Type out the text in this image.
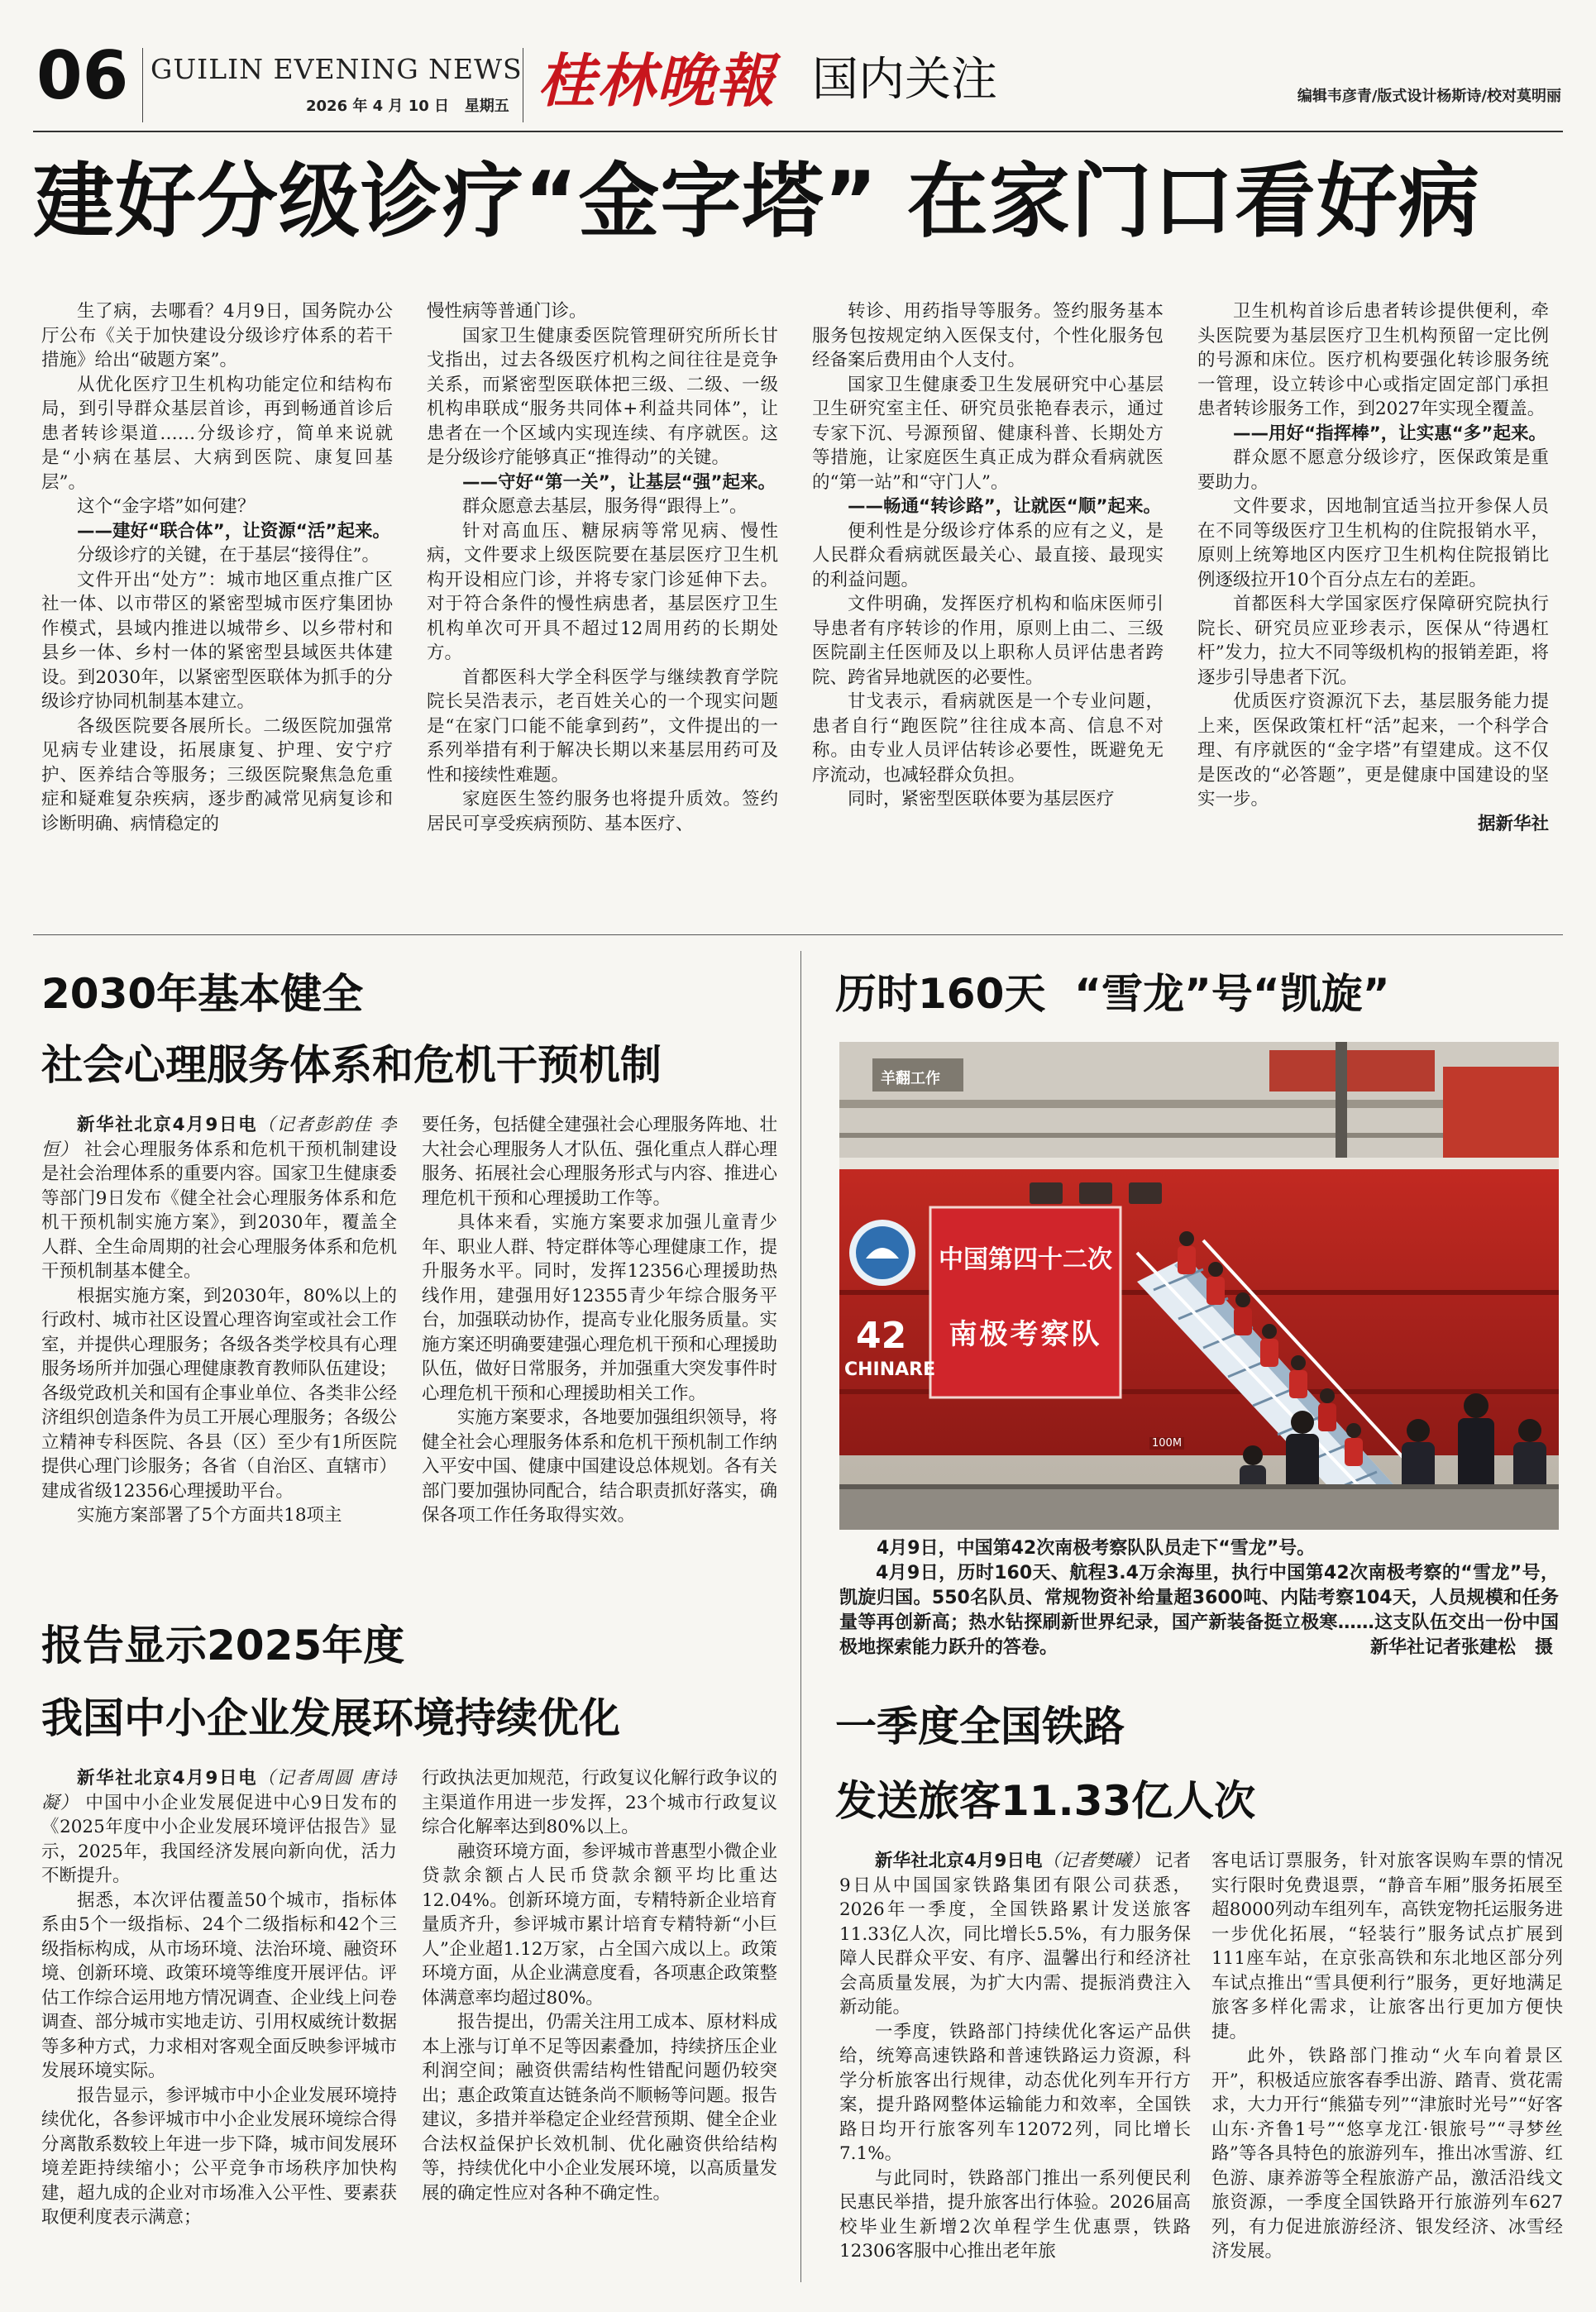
06 GUILIN EVENING NEWS
2026 年 4 月 10 日   星期五 桂林晚報 国内关注	编辑韦彦青/版式设计杨斯诗/校对莫明丽
建好分级诊疗“金字塔” 在家门口看好病

生了病，去哪看？4月9日，国务院办公厅公布《关于加快建设分级诊疗体系的若干措施》给出“破题方案”。

从优化医疗卫生机构功能定位和结构布局，到引导群众基层首诊，再到畅通首诊后患者转诊渠道……分级诊疗，简单来说就是“小病在基层、大病到医院、康复回基层”。

这个“金字塔”如何建？

——建好“联合体”，让资源“活”起来。

分级诊疗的关键，在于基层“接得住”。

文件开出“处方”：城市地区重点推广区社一体、以市带区的紧密型城市医疗集团协作模式，县域内推进以城带乡、以乡带村和县乡一体、乡村一体的紧密型县域医共体建设。到2030年，以紧密型医联体为抓手的分级诊疗协同机制基本建立。

各级医院要各展所长。二级医院加强常见病专业建设，拓展康复、护理、安宁疗护、医养结合等服务；三级医院聚焦急危重症和疑难复杂疾病，逐步酌减常见病复诊和诊断明确、病情稳定的

慢性病等普通门诊。

国家卫生健康委医院管理研究所所长甘戈指出，过去各级医疗机构之间往往是竞争关系，而紧密型医联体把三级、二级、一级机构串联成“服务共同体+利益共同体”，让患者在一个区域内实现连续、有序就医。这是分级诊疗能够真正“推得动”的关键。

——守好“第一关”，让基层“强”起来。

群众愿意去基层，服务得“跟得上”。

针对高血压、糖尿病等常见病、慢性病，文件要求上级医院要在基层医疗卫生机构开设相应门诊，并将专家门诊延伸下去。对于符合条件的慢性病患者，基层医疗卫生机构单次可开具不超过12周用药的长期处方。

首都医科大学全科医学与继续教育学院院长吴浩表示，老百姓关心的一个现实问题是“在家门口能不能拿到药”，文件提出的一系列举措有利于解决长期以来基层用药可及性和接续性难题。

家庭医生签约服务也将提升质效。签约居民可享受疾病预防、基本医疗、

转诊、用药指导等服务。签约服务基本服务包按规定纳入医保支付，个性化服务包经备案后费用由个人支付。

国家卫生健康委卫生发展研究中心基层卫生研究室主任、研究员张艳春表示，通过专家下沉、号源预留、健康科普、长期处方等措施，让家庭医生真正成为群众看病就医的“第一站”和“守门人”。

——畅通“转诊路”，让就医“顺”起来。

便利性是分级诊疗体系的应有之义，是人民群众看病就医最关心、最直接、最现实的利益问题。

文件明确，发挥医疗机构和临床医师引导患者有序转诊的作用，原则上由二、三级医院副主任医师及以上职称人员评估患者跨院、跨省异地就医的必要性。

甘戈表示，看病就医是一个专业问题，患者自行“跑医院”往往成本高、信息不对称。由专业人员评估转诊必要性，既避免无序流动，也减轻群众负担。

同时，紧密型医联体要为基层医疗

卫生机构首诊后患者转诊提供便利，牵头医院要为基层医疗卫生机构预留一定比例的号源和床位。医疗机构要强化转诊服务统一管理，设立转诊中心或指定固定部门承担患者转诊服务工作，到2027年实现全覆盖。

——用好“指挥棒”，让实惠“多”起来。

群众愿不愿意分级诊疗，医保政策是重要助力。

文件要求，因地制宜适当拉开参保人员在不同等级医疗卫生机构的住院报销水平，原则上统筹地区内医疗卫生机构住院报销比例逐级拉开10个百分点左右的差距。

首都医科大学国家医疗保障研究院执行院长、研究员应亚珍表示，医保从“待遇杠杆”发力，拉大不同等级机构的报销差距，将逐步引导患者下沉。

优质医疗资源沉下去，基层服务能力提上来，医保政策杠杆“活”起来，一个科学合理、有序就医的“金字塔”有望建成。这不仅是医改的“必答题”，更是健康中国建设的坚实一步。

据新华社

2030年基本健全
社会心理服务体系和危机干预机制

新华社北京4月9日电（记者彭韵佳 李恒） 社会心理服务体系和危机干预机制建设是社会治理体系的重要内容。国家卫生健康委等部门9日发布《健全社会心理服务体系和危机干预机制实施方案》，到2030年，覆盖全人群、全生命周期的社会心理服务体系和危机干预机制基本健全。

根据实施方案，到2030年，80%以上的行政村、城市社区设置心理咨询室或社会工作室，并提供心理服务；各级各类学校具有心理服务场所并加强心理健康教育教师队伍建设；各级党政机关和国有企事业单位、各类非公经济组织创造条件为员工开展心理服务；各级公立精神专科医院、各县（区）至少有1所医院提供心理门诊服务；各省（自治区、直辖市）建成省级12356心理援助平台。

实施方案部署了5个方面共18项主

要任务，包括健全建强社会心理服务阵地、壮大社会心理服务人才队伍、强化重点人群心理服务、拓展社会心理服务形式与内容、推进心理危机干预和心理援助工作等。

具体来看，实施方案要求加强儿童青少年、职业人群、特定群体等心理健康工作，提升服务水平。同时，发挥12356心理援助热线作用，建强用好12355青少年综合服务平台，加强联动协作，提高专业化服务质量。实施方案还明确要建强心理危机干预和心理援助队伍，做好日常服务，并加强重大突发事件时心理危机干预和心理援助相关工作。

实施方案要求，各地要加强组织领导，将健全社会心理服务体系和危机干预机制工作纳入平安中国、健康中国建设总体规划。各有关部门要加强协同配合，结合职责抓好落实，确保各项工作任务取得实效。

历时160天  “雪龙”号“凯旋”
中国第四十二次
南极考察队
42
CHINARE
羊翻工作
100M
4月9日，中国第42次南极考察队队员走下“雪龙”号。
4月9日，历时160天、航程3.4万余海里，执行中国第42次南极考察的“雪龙”号，凯旋归国。550名队员、常规物资补给量超3600吨、内陆考察104天，人员规模和任务量等再创新高；热水钻探刷新世界纪录，国产新装备挺立极寒……这支队伍交出一份中国极地探索能力跃升的答卷。	新华社记者张建松   摄
报告显示2025年度
我国中小企业发展环境持续优化

新华社北京4月9日电（记者周圆 唐诗凝） 中国中小企业发展促进中心9日发布的《2025年度中小企业发展环境评估报告》显示，2025年，我国经济发展向新向优，活力不断提升。

据悉，本次评估覆盖50个城市，指标体系由5个一级指标、24个二级指标和42个三级指标构成，从市场环境、法治环境、融资环境、创新环境、政策环境等维度开展评估。评估工作综合运用地方情况调查、企业线上问卷调查、部分城市实地走访、引用权威统计数据等多种方式，力求相对客观全面反映参评城市发展环境实际。

报告显示，参评城市中小企业发展环境持续优化，各参评城市中小企业发展环境综合得分离散系数较上年进一步下降，城市间发展环境差距持续缩小；公平竞争市场秩序加快构建，超九成的企业对市场准入公平性、要素获取便利度表示满意；

行政执法更加规范，行政复议化解行政争议的主渠道作用进一步发挥，23个城市行政复议综合化解率达到80%以上。

融资环境方面，参评城市普惠型小微企业贷款余额占人民币贷款余额平均比重达12.04%。创新环境方面，专精特新企业培育量质齐升，参评城市累计培育专精特新“小巨人”企业超1.12万家，占全国六成以上。政策环境方面，从企业满意度看，各项惠企政策整体满意率均超过80%。

报告提出，仍需关注用工成本、原材料成本上涨与订单不足等因素叠加，持续挤压企业利润空间；融资供需结构性错配问题仍较突出；惠企政策直达链条尚不顺畅等问题。报告建议，多措并举稳定企业经营预期、健全企业合法权益保护长效机制、优化融资供给结构等，持续优化中小企业发展环境，以高质量发展的确定性应对各种不确定性。

一季度全国铁路
发送旅客11.33亿人次

新华社北京4月9日电（记者樊曦） 记者9日从中国国家铁路集团有限公司获悉，2026年一季度，全国铁路累计发送旅客11.33亿人次，同比增长5.5%，有力服务保障人民群众平安、有序、温馨出行和经济社会高质量发展，为扩大内需、提振消费注入新动能。

一季度，铁路部门持续优化客运产品供给，统筹高速铁路和普速铁路运力资源，科学分析旅客出行规律，动态优化列车开行方案，提升路网整体运输能力和效率，全国铁路日均开行旅客列车12072列，同比增长7.1%。

与此同时，铁路部门推出一系列便民利民惠民举措，提升旅客出行体验。2026届高校毕业生新增2次单程学生优惠票，铁路12306客服中心推出老年旅

客电话订票服务，针对旅客误购车票的情况实行限时免费退票，“静音车厢”服务拓展至超8000列动车组列车，高铁宠物托运服务进一步优化拓展，“轻装行”服务试点扩展到111座车站，在京张高铁和东北地区部分列车试点推出“雪具便利行”服务，更好地满足旅客多样化需求，让旅客出行更加方便快捷。

此外，铁路部门推动“火车向着景区开”，积极适应旅客春季出游、踏青、赏花需求，大力开行“熊猫专列”“津旅时光号”“好客山东·齐鲁1号”“悠享龙江·银旅号”“寻梦丝路”等各具特色的旅游列车，推出冰雪游、红色游、康养游等全程旅游产品，激活沿线文旅资源，一季度全国铁路开行旅游列车627列，有力促进旅游经济、银发经济、冰雪经济发展。
